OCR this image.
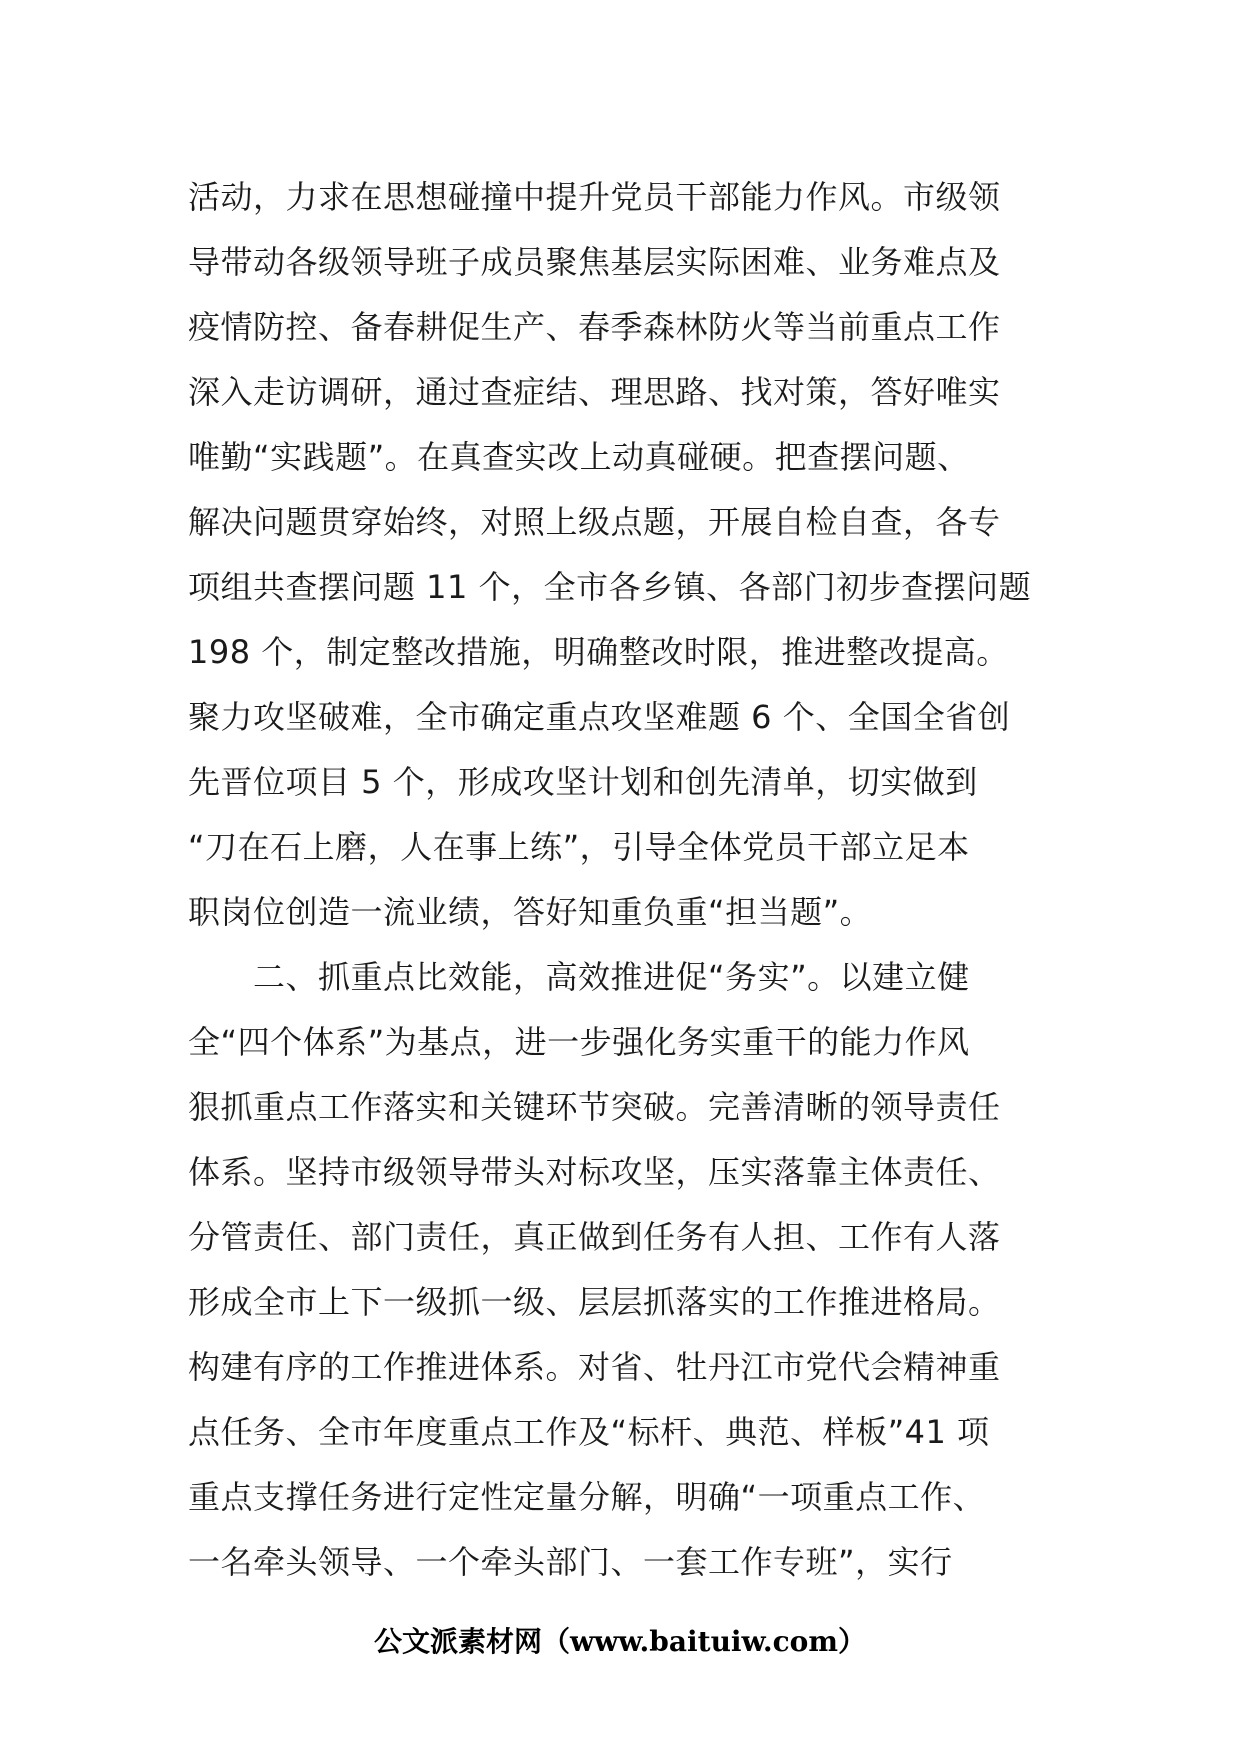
活动，力求在思想碰撞中提升党员干部能力作风。市级领
导带动各级领导班子成员聚焦基层实际困难、业务难点及
疫情防控、备春耕促生产、春季森林防火等当前重点工作
深入走访调研，通过查症结、理思路、找对策，答好唯实
唯勤“实践题”。在真查实改上动真碰硬。把查摆问题、
解决问题贯穿始终，对照上级点题，开展自检自查，各专
项组共查摆问题 11 个，全市各乡镇、各部门初步查摆问题
198 个，制定整改措施，明确整改时限，推进整改提高。
聚力攻坚破难，全市确定重点攻坚难题 6 个、全国全省创
先晋位项目 5 个，形成攻坚计划和创先清单，切实做到
“刀在石上磨，人在事上练”，引导全体党员干部立足本
职岗位创造一流业绩，答好知重负重“担当题”。
　　二、抓重点比效能，高效推进促“务实”。以建立健
全“四个体系”为基点，进一步强化务实重干的能力作风
狠抓重点工作落实和关键环节突破。完善清晰的领导责任
体系。坚持市级领导带头对标攻坚，压实落靠主体责任、
分管责任、部门责任，真正做到任务有人担、工作有人落
形成全市上下一级抓一级、层层抓落实的工作推进格局。
构建有序的工作推进体系。对省、牡丹江市党代会精神重
点任务、全市年度重点工作及“标杆、典范、样板”41 项
重点支撑任务进行定性定量分解，明确“一项重点工作、
一名牵头领导、一个牵头部门、一套工作专班”，实行
公文派素材网（www.baituiw.com）
